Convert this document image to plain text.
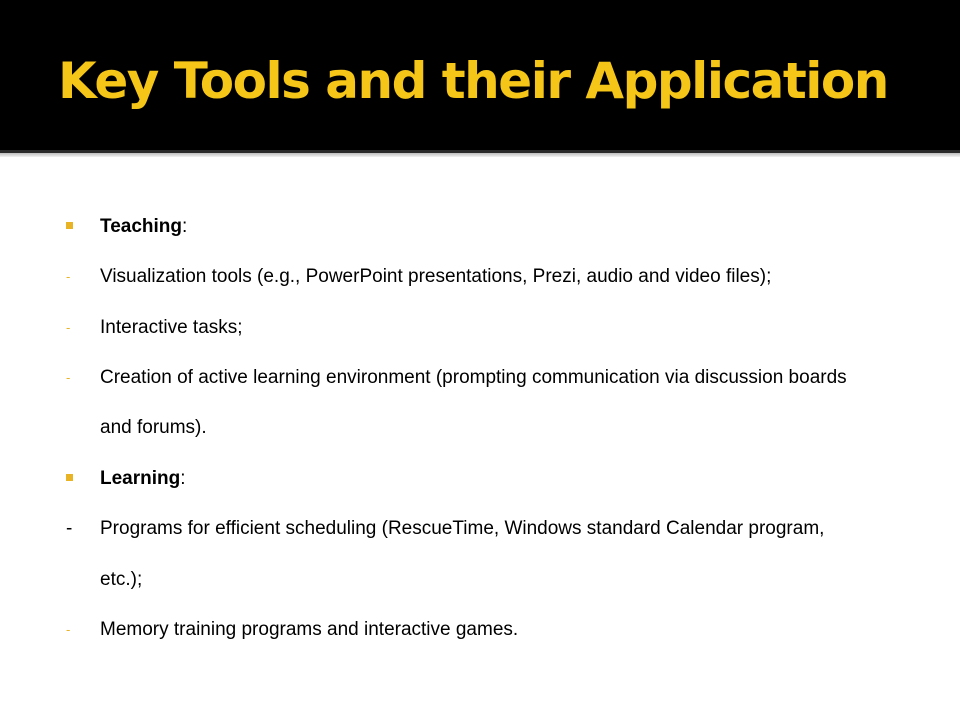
Key Tools and their Application
Teaching:
- Visualization tools (e.g., PowerPoint presentations, Prezi, audio and video files);
- Interactive tasks;
- Creation of active learning environment (prompting communication via discussion boards
and forums).
Learning:
- Programs for efficient scheduling (RescueTime, Windows standard Calendar program,
etc.);
- Memory training programs and interactive games.
